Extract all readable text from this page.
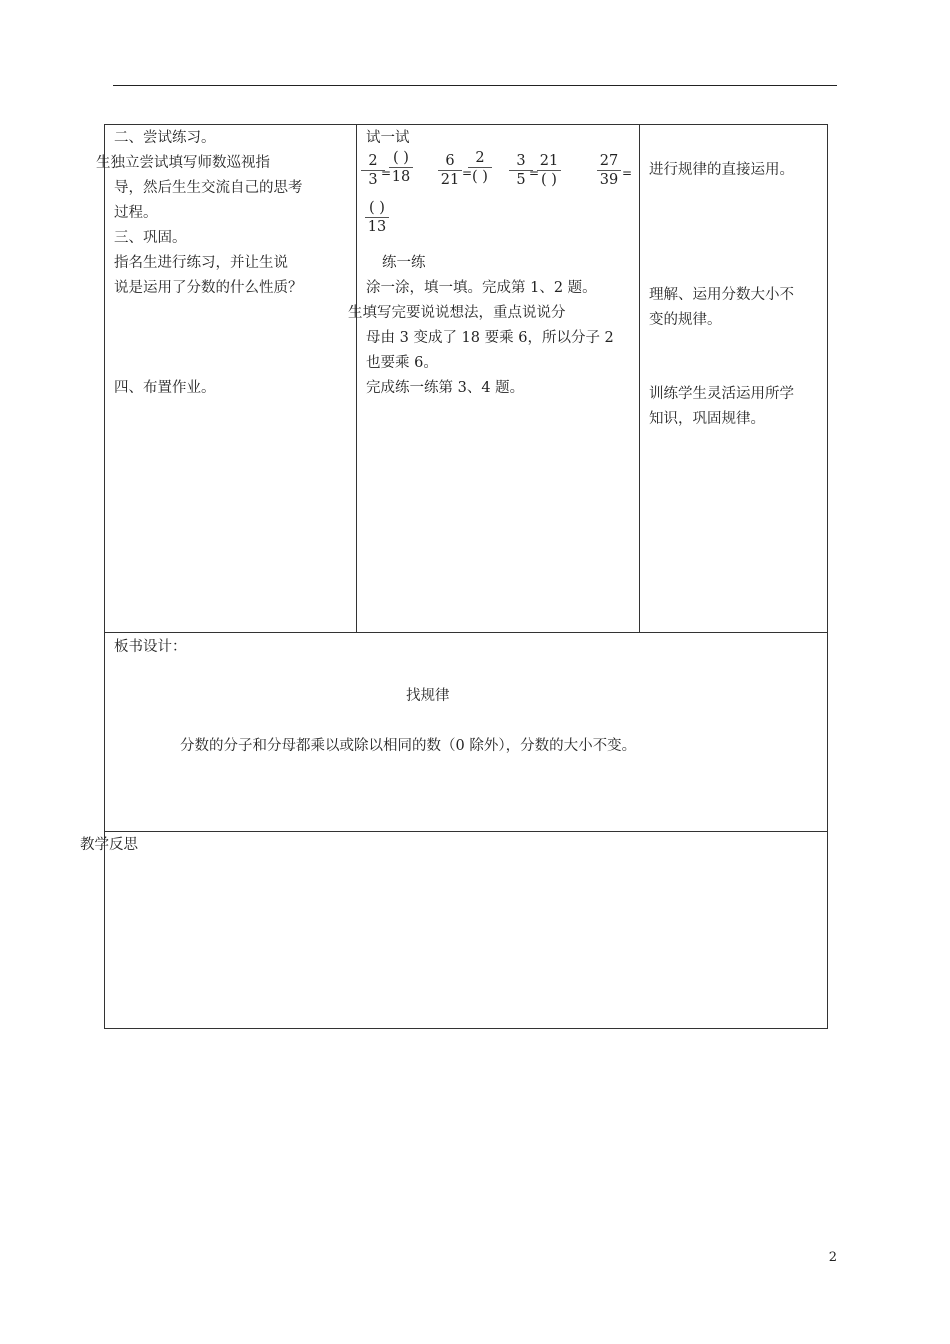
二、尝试练习。
生独立尝试填写师数巡视指
导，然后生生交流自己的思考
过程。
三、巩固。
指名生进行练习，并让生说
说是运用了分数的什么性质？
四、布置作业。
试一试
2
3 =
( )
18
6
21 =
2
( )
3
5 =
21
( )
27
39 =
( )
13
练一练
涂一涂，填一填。完成第 1、2 题。
生填写完要说说想法，重点说说分
母由 3 变成了 18 要乘 6，所以分子 2
也要乘 6。
完成练一练第 3、4 题。
进行规律的直接运用。
理解、运用分数大小不
变的规律。
训练学生灵活运用所学
知识，巩固规律。
板书设计：
找规律
分数的分子和分母都乘以或除以相同的数（0 除外），分数的大小不变。
教学反思
2
